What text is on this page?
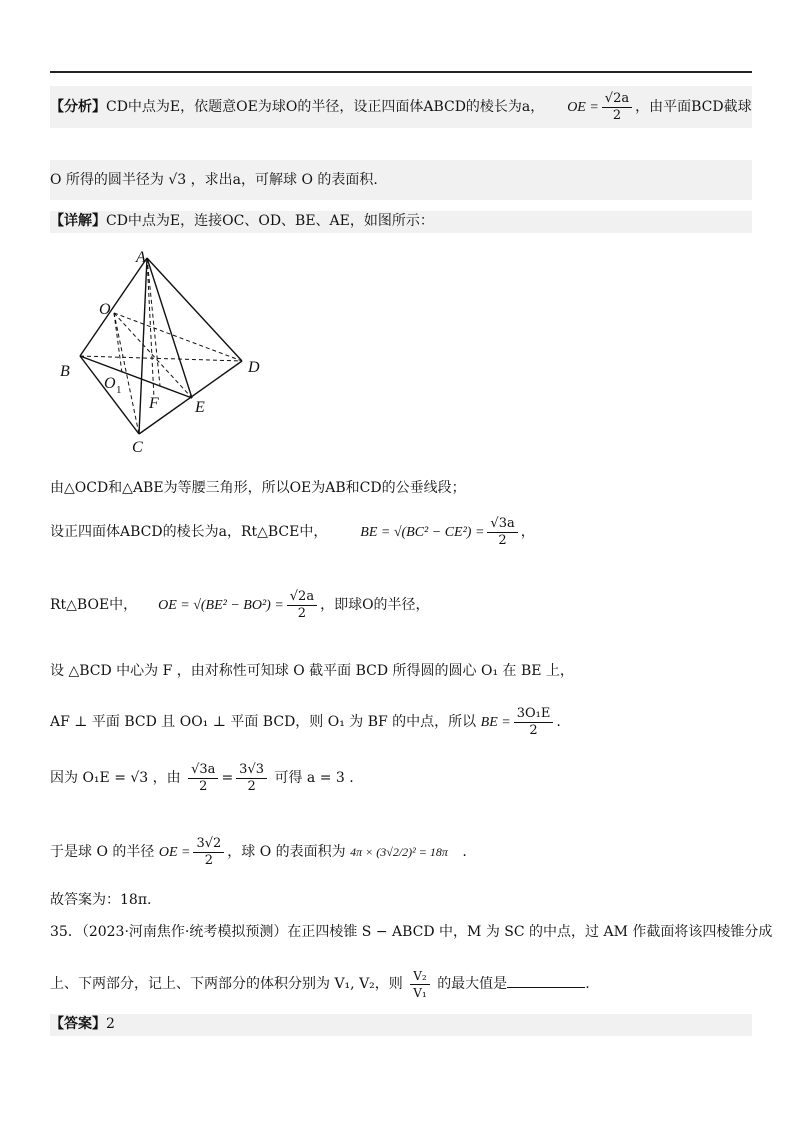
【分析】CD中点为E，依题意OE为球O的半径，设正四面体ABCD的棱长为a， OE = $\frac{√2a}{2}$ ，由平面BCD截球
O 所得的圆半径为 √3 ，求出a，可解球 O 的表面积.
【详解】CD中点为E，连接OC、OD、BE、AE，如图所示：
A
O
B	D
O 1
F E
C
由△OCD和△ABE为等腰三角形，所以OE为AB和CD的公垂线段；
设正四面体ABCD的棱长为a，Rt△BCE中， BE = $√(BC^2 - CE^2) = \frac{√3a}{2}$ ，
Rt△BOE中， OE = $√(BE^2 - BO^2) = \frac{√2a}{2}$ ，即球O的半径，
设 △BCD 中心为 F ，由对称性可知球 O 截平面 BCD 所得圆的圆心 O₁ 在 BE 上，
AF ⊥ 平面 BCD 且 OO₁ ⊥ 平面 BCD，则 O₁ 为 BF 的中点，所以 BE = $\frac{\text{3O₁E}}{2}$ .
因为 O₁E = √3 ，由 $\frac{√3a}{2} = \frac{3√3}{2}$ 可得 a = 3 .
于是球 O 的半径 OE = $\frac{3√2}{2}$ ，球 O 的表面积为 4π × (3√2/2)² = 18π .
故答案为：18π.
35．（2023·河南焦作·统考模拟预测）在正四棱锥 S − ABCD 中，M 为 SC 的中点，过 AM 作截面将该四棱锥分成
上、下两部分，记上、下两部分的体积分别为 V₁, V₂，则 $\frac{\text{V₂}}{\text{V₁}}$ 的最大值是	.
【答案】2
